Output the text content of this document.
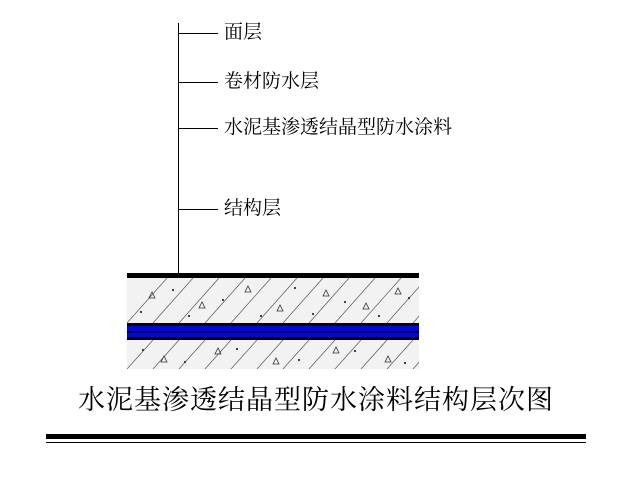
面层
卷材防水层
水泥基渗透结晶型防水涂料
结构层
水泥基渗透结晶型防水涂料结构层次图
